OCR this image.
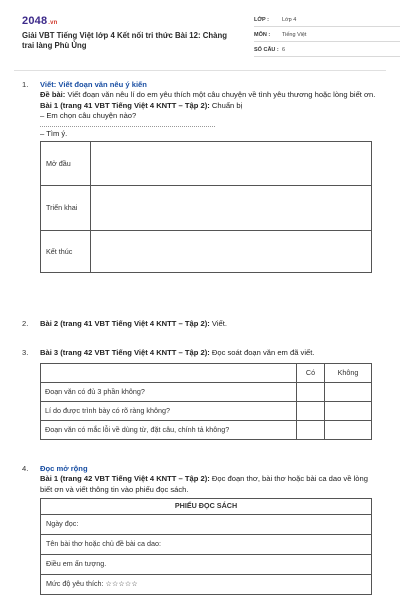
2048.vn
Giải VBT Tiếng Việt lớp 4 Kết nối tri thức Bài 12: Chàng trai làng Phù Ủng
LỚP :	Lớp 4
MÔN :	Tiếng Việt
SỐ CÂU : 6
1. Viết: Viết đoạn văn nêu ý kiến
Đề bài: Viết đoạn văn nêu lí do em yêu thích một câu chuyện về tình yêu thương hoặc lòng biết ơn.
Bài 1 (trang 41 VBT Tiếng Việt 4 KNTT – Tập 2): Chuẩn bị
– Em chọn câu chuyện nào?
– Tìm ý.
Mở đầu	
Triển khai	
Kết thúc	
2. Bài 2 (trang 41 VBT Tiếng Việt 4 KNTT – Tập 2): Viết.
3. Bài 3 (trang 42 VBT Tiếng Việt 4 KNTT – Tập 2): Đọc soát đoạn văn em đã viết.
	Có	Không
Đoạn văn có đủ 3 phần không?		
Lí do được trình bày có rõ ràng không?		
Đoạn văn có mắc lỗi về dùng từ, đặt câu, chính tả không?		
4. Đọc mở rộng
Bài 1 (trang 42 VBT Tiếng Việt 4 KNTT – Tập 2): Đọc đoạn thơ, bài thơ hoặc bài ca dao về lòng biết ơn và viết thông tin vào phiếu đọc sách.
PHIẾU ĐỌC SÁCH
Ngày đọc:
Tên bài thơ hoặc chủ đề bài ca dao:
Điều em ấn tượng.
Mức độ yêu thích: ☆☆☆☆☆
